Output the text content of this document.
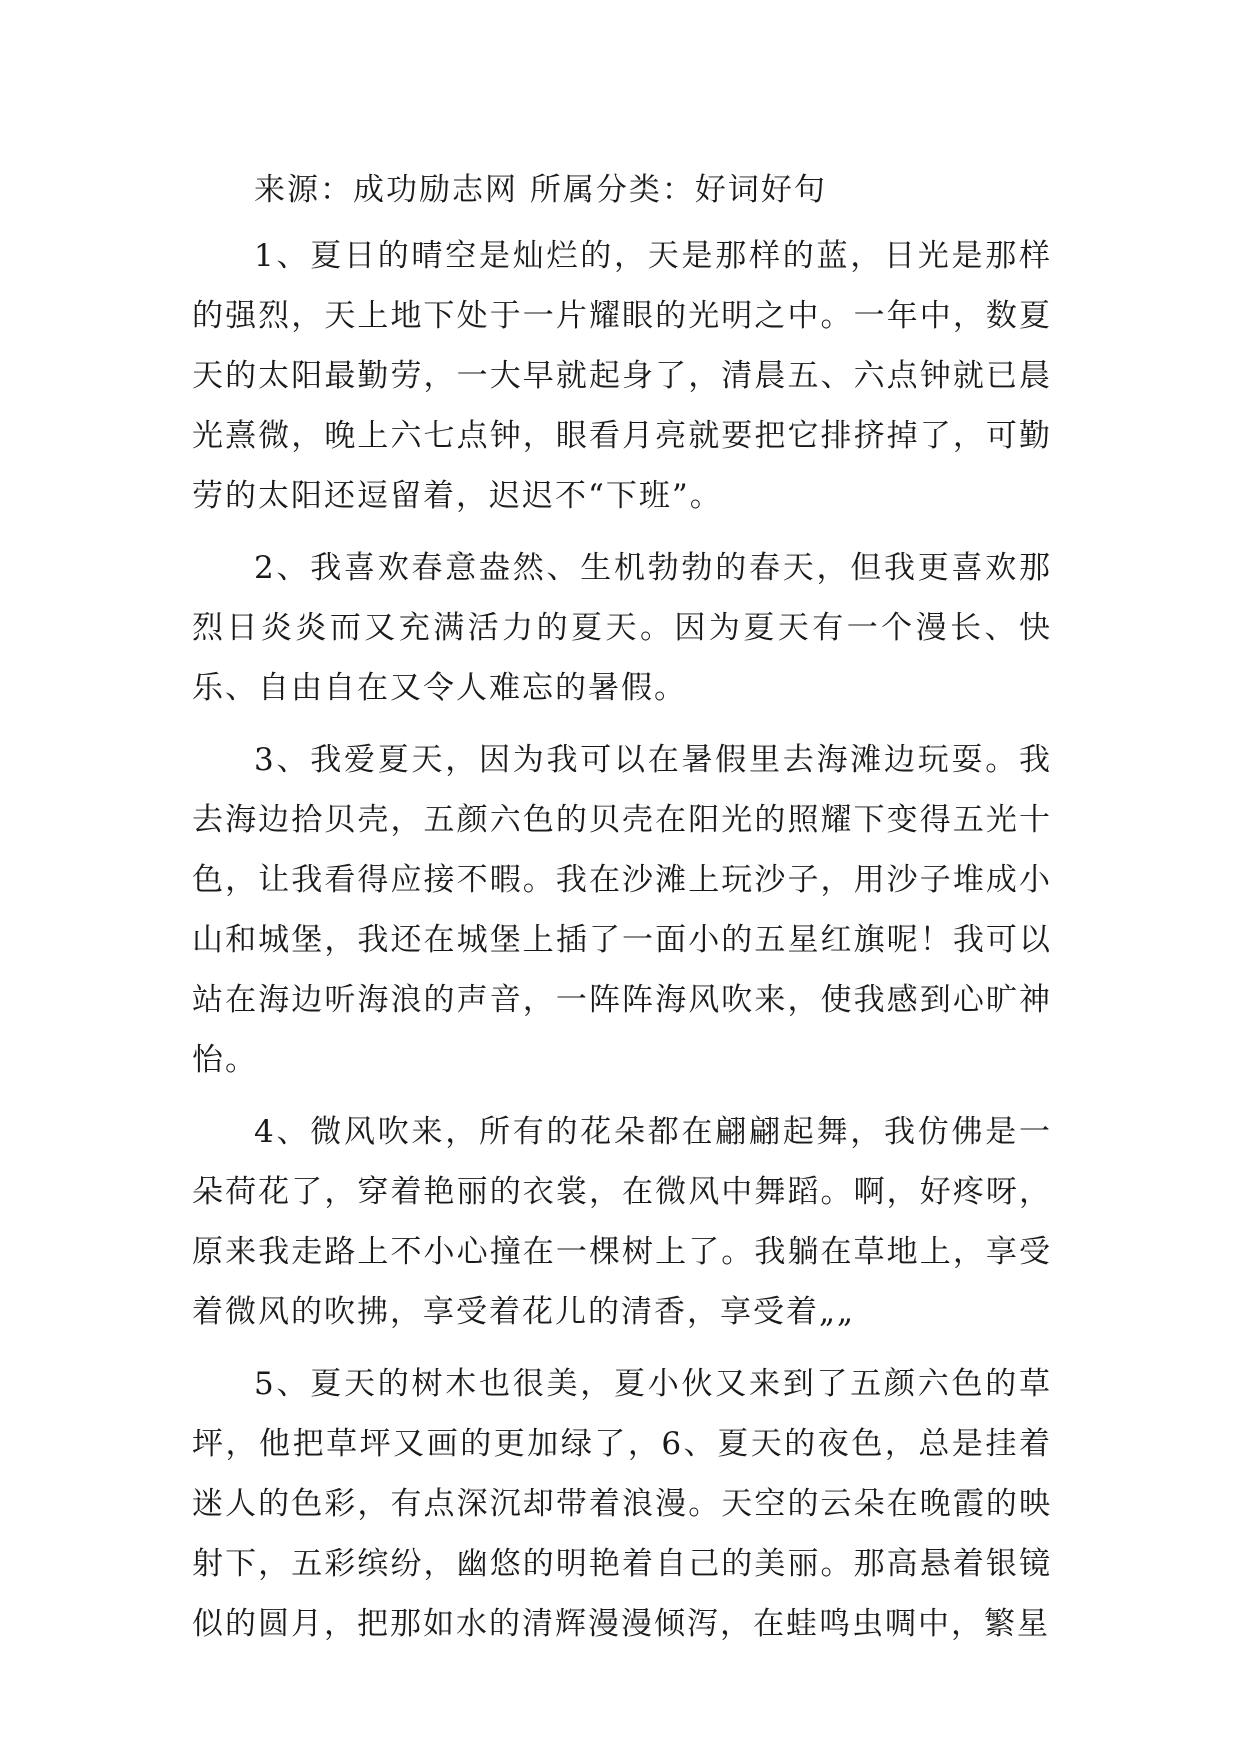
来源：成功励志网 所属分类：好词好句

1、夏日的晴空是灿烂的，天是那样的蓝，日光是那样的强烈，天上地下处于一片耀眼的光明之中。一年中，数夏天的太阳最勤劳，一大早就起身了，清晨五、六点钟就已晨光熹微，晚上六七点钟，眼看月亮就要把它排挤掉了，可勤劳的太阳还逗留着，迟迟不“下班”。

2、我喜欢春意盎然、生机勃勃的春天，但我更喜欢那烈日炎炎而又充满活力的夏天。因为夏天有一个漫长、快乐、自由自在又令人难忘的暑假。

3、我爱夏天，因为我可以在暑假里去海滩边玩耍。我去海边拾贝壳，五颜六色的贝壳在阳光的照耀下变得五光十色，让我看得应接不暇。我在沙滩上玩沙子，用沙子堆成小山和城堡，我还在城堡上插了一面小的五星红旗呢！我可以站在海边听海浪的声音，一阵阵海风吹来，使我感到心旷神怡。

4、微风吹来，所有的花朵都在翩翩起舞，我仿佛是一朵荷花了，穿着艳丽的衣裳，在微风中舞蹈。啊，好疼呀，原来我走路上不小心撞在一棵树上了。我躺在草地上，享受着微风的吹拂，享受着花儿的清香，享受着„„

5、夏天的树木也很美，夏小伙又来到了五颜六色的草坪，他把草坪又画的更加绿了，6、夏天的夜色，总是挂着迷人的色彩，有点深沉却带着浪漫。天空的云朵在晚霞的映射下，五彩缤纷，幽悠的明艳着自己的美丽。那高悬着银镜似的圆月，把那如水的清辉漫漫倾泻，在蛙鸣虫啁中，繁星
